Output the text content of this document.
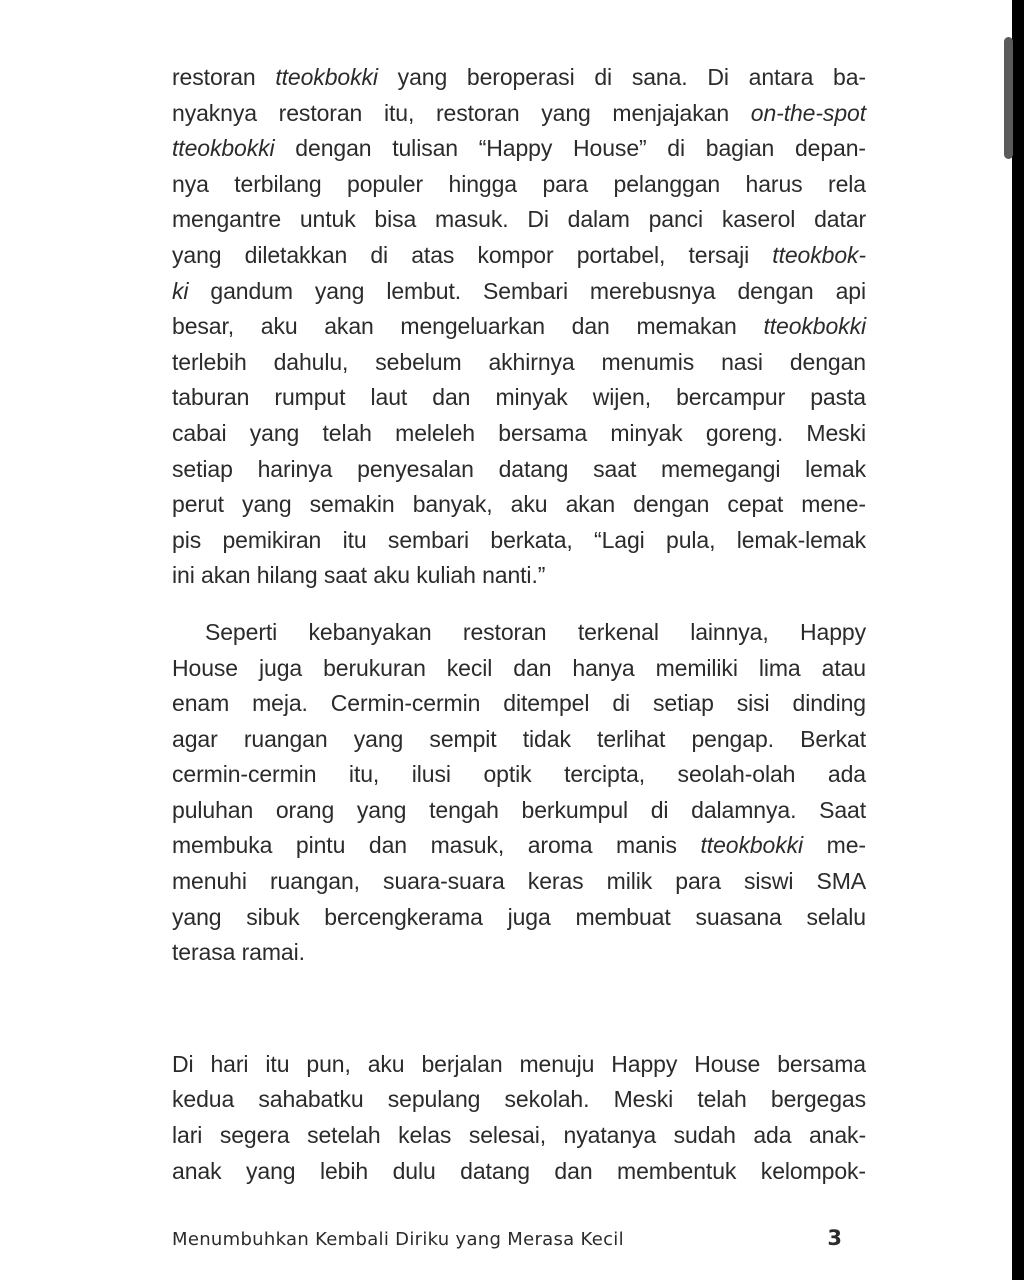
restoran tteokbokki yang beroperasi di sana. Di antara ba-
nyaknya restoran itu, restoran yang menjajakan on-the-spot
tteokbokki dengan tulisan “Happy House” di bagian depan-
nya terbilang populer hingga para pelanggan harus rela
mengantre untuk bisa masuk. Di dalam panci kaserol datar
yang diletakkan di atas kompor portabel, tersaji tteokbok-
ki gandum yang lembut. Sembari merebusnya dengan api
besar, aku akan mengeluarkan dan memakan tteokbokki
terlebih dahulu, sebelum akhirnya menumis nasi dengan
taburan rumput laut dan minyak wijen, bercampur pasta
cabai yang telah meleleh bersama minyak goreng. Meski
setiap harinya penyesalan datang saat memegangi lemak
perut yang semakin banyak, aku akan dengan cepat mene-
pis pemikiran itu sembari berkata, “Lagi pula, lemak-lemak
ini akan hilang saat aku kuliah nanti.”
Seperti kebanyakan restoran terkenal lainnya, Happy
House juga berukuran kecil dan hanya memiliki lima atau
enam meja. Cermin-cermin ditempel di setiap sisi dinding
agar ruangan yang sempit tidak terlihat pengap. Berkat
cermin-cermin itu, ilusi optik tercipta, seolah-olah ada
puluhan orang yang tengah berkumpul di dalamnya. Saat
membuka pintu dan masuk, aroma manis tteokbokki me-
menuhi ruangan, suara-suara keras milik para siswi SMA
yang sibuk bercengkerama juga membuat suasana selalu
terasa ramai.
Di hari itu pun, aku berjalan menuju Happy House bersama
kedua sahabatku sepulang sekolah. Meski telah bergegas
lari segera setelah kelas selesai, nyatanya sudah ada anak-
anak yang lebih dulu datang dan membentuk kelompok-
Menumbuhkan Kembali Diriku yang Merasa Kecil	3
